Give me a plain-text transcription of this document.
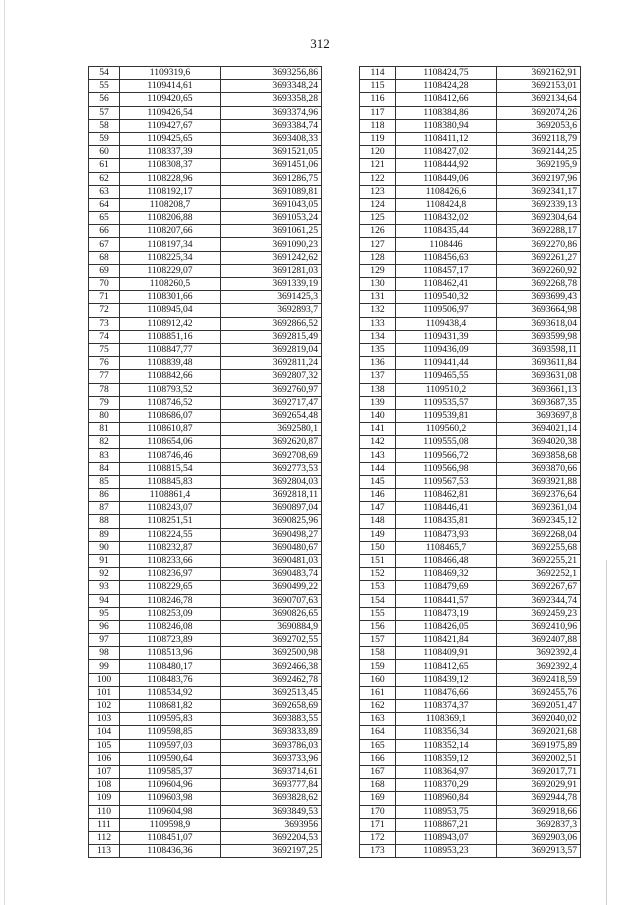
312
54	1109319,6	3693256,86
55	1109414,61	3693348,24
56	1109420,65	3693358,28
57	1109426,54	3693374,96
58	1109427,67	3693384,74
59	1109425,65	3693408,33
60	1108337,39	3691521,05
61	1108308,37	3691451,06
62	1108228,96	3691286,75
63	1108192,17	3691089,81
64	1108208,7	3691043,05
65	1108206,88	3691053,24
66	1108207,66	3691061,25
67	1108197,34	3691090,23
68	1108225,34	3691242,62
69	1108229,07	3691281,03
70	1108260,5	3691339,19
71	1108301,66	3691425,3
72	1108945,04	3692893,7
73	1108912,42	3692866,52
74	1108851,16	3692815,49
75	1108847,77	3692819,04
76	1108839,48	3692811,24
77	1108842,66	3692807,32
78	1108793,52	3692760,97
79	1108746,52	3692717,47
80	1108686,07	3692654,48
81	1108610,87	3692580,1
82	1108654,06	3692620,87
83	1108746,46	3692708,69
84	1108815,54	3692773,53
85	1108845,83	3692804,03
86	1108861,4	3692818,11
87	1108243,07	3690897,04
88	1108251,51	3690825,96
89	1108224,55	3690498,27
90	1108232,87	3690480,67
91	1108233,66	3690481,03
92	1108236,97	3690483,74
93	1108229,65	3690499,22
94	1108246,78	3690707,63
95	1108253,09	3690826,65
96	1108246,08	3690884,9
97	1108723,89	3692702,55
98	1108513,96	3692500,98
99	1108480,17	3692466,38
100	1108483,76	3692462,78
101	1108534,92	3692513,45
102	1108681,82	3692658,69
103	1109595,83	3693883,55
104	1109598,85	3693833,89
105	1109597,03	3693786,03
106	1109590,64	3693733,96
107	1109585,37	3693714,61
108	1109604,96	3693777,84
109	1109603,98	3693828,62
110	1109604,98	3693849,53
111	1109598,9	3693956
112	1108451,07	3692204,53
113	1108436,36	3692197,25
114	1108424,75	3692162,91
115	1108424,28	3692153,01
116	1108412,66	3692134,64
117	1108384,86	3692074,26
118	1108380,94	3692053,6
119	1108411,12	3692118,79
120	1108427,02	3692144,25
121	1108444,92	3692195,9
122	1108449,06	3692197,96
123	1108426,6	3692341,17
124	1108424,8	3692339,13
125	1108432,02	3692304,64
126	1108435,44	3692288,17
127	1108446	3692270,86
128	1108456,63	3692261,27
129	1108457,17	3692260,92
130	1108462,41	3692268,78
131	1109540,32	3693699,43
132	1109506,97	3693664,98
133	1109438,4	3693618,04
134	1109431,39	3693599,98
135	1109436,09	3693598,11
136	1109441,44	3693611,84
137	1109465,55	3693631,08
138	1109510,2	3693661,13
139	1109535,57	3693687,35
140	1109539,81	3693697,8
141	1109560,2	3694021,14
142	1109555,08	3694020,38
143	1109566,72	3693858,68
144	1109566,98	3693870,66
145	1109567,53	3693921,88
146	1108462,81	3692376,64
147	1108446,41	3692361,04
148	1108435,81	3692345,12
149	1108473,93	3692268,04
150	1108465,7	3692255,68
151	1108466,48	3692255,21
152	1108469,32	3692252,1
153	1108479,69	3692267,67
154	1108441,57	3692344,74
155	1108473,19	3692459,23
156	1108426,05	3692410,96
157	1108421,84	3692407,88
158	1108409,91	3692392,4
159	1108412,65	3692392,4
160	1108439,12	3692418,59
161	1108476,66	3692455,76
162	1108374,37	3692051,47
163	1108369,1	3692040,02
164	1108356,34	3692021,68
165	1108352,14	3691975,89
166	1108359,12	3692002,51
167	1108364,97	3692017,71
168	1108370,29	3692029,91
169	1108960,84	3692944,78
170	1108953,75	3692918,66
171	1108867,21	3692837,3
172	1108943,07	3692903,06
173	1108953,23	3692913,57
